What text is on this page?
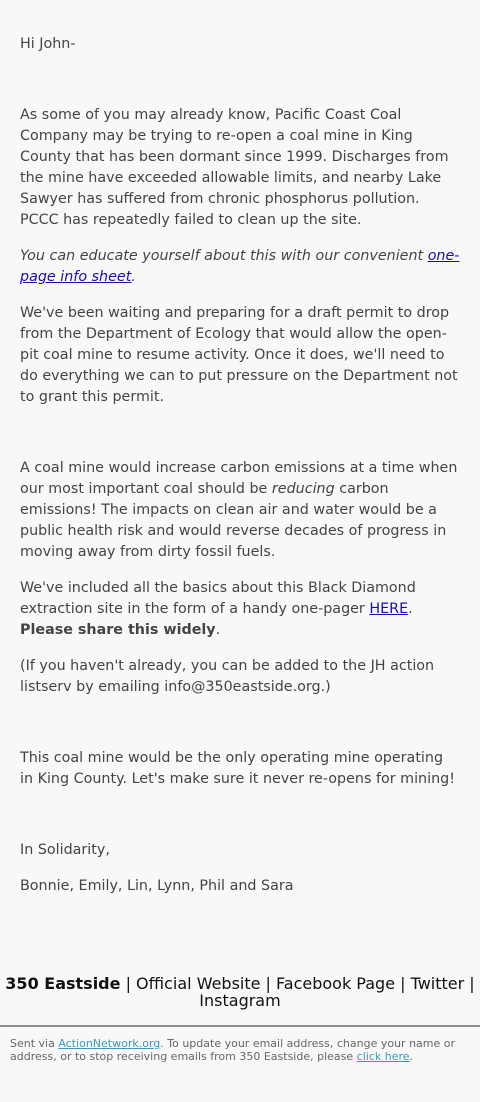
Hi John-

As some of you may already know, Pacific Coast Coal Company may be trying to re-open a coal mine in King County that has been dormant since 1999. Discharges from the mine have exceeded allowable limits, and nearby Lake Sawyer has suffered from chronic phosphorus pollution. PCCC has repeatedly failed to clean up the site.

You can educate yourself about this with our convenient one-page info sheet.

We've been waiting and preparing for a draft permit to drop from the Department of Ecology that would allow the open-pit coal mine to resume activity. Once it does, we'll need to do everything we can to put pressure on the Department not to grant this permit.

A coal mine would increase carbon emissions at a time when our most important coal should be reducing carbon emissions! The impacts on clean air and water would be a public health risk and would reverse decades of progress in moving away from dirty fossil fuels.

We've included all the basics about this Black Diamond extraction site in the form of a handy one-pager HERE. Please share this widely.

(If you haven't already, you can be added to the JH action listserv by emailing info@350eastside.org.)

This coal mine would be the only operating mine operating in King County. Let's make sure it never re-opens for mining!

In Solidarity,

Bonnie, Emily, Lin, Lynn, Phil and Sara

350 Eastside | Official Website | Facebook Page | Twitter | Instagram
Sent via ActionNetwork.org. To update your email address, change your name or address, or to stop receiving emails from 350 Eastside, please click here.
